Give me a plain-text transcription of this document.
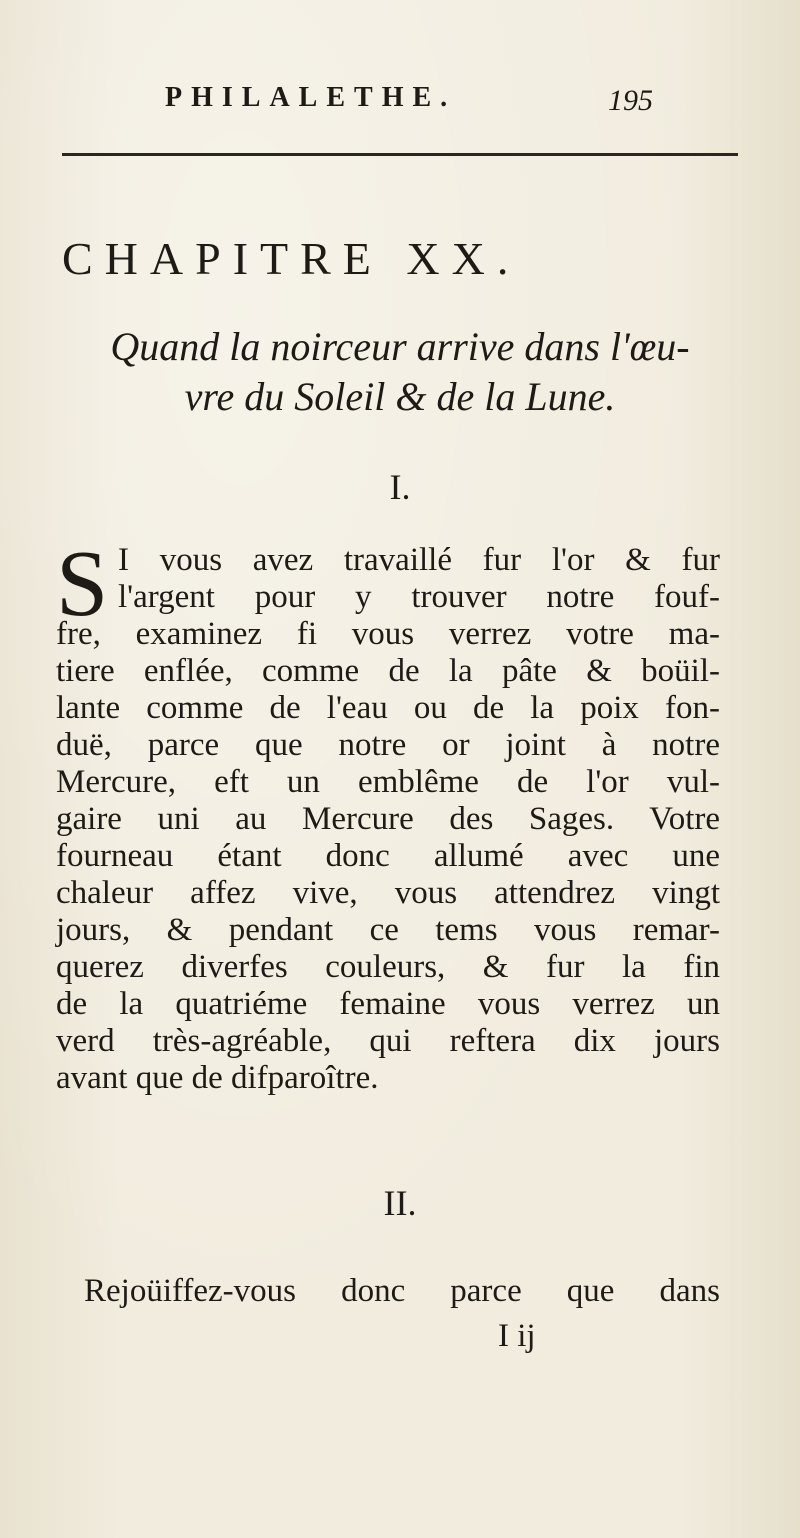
PHILALETHE.	195
CHAPITRE XX.
Quand la noirceur arrive dans l'œu-
vre du Soleil & de la Lune.
I.
S I vous avez travaillé fur l'or & fur
l'argent pour y trouver notre fouf-
fre, examinez fi vous verrez votre ma-
tiere enflée, comme de la pâte & boüil-
lante comme de l'eau ou de la poix fon-
duë, parce que notre or joint à notre
Mercure, eft un emblême de l'or vul-
gaire uni au Mercure des Sages. Votre
fourneau étant donc allumé avec une
chaleur affez vive, vous attendrez vingt
jours, & pendant ce tems vous remar-
querez diverfes couleurs, & fur la fin
de la quatriéme femaine vous verrez un
verd très-agréable, qui reftera dix jours
avant que de difparoître.
II.
Rejoüiffez-vous donc parce que dans
I ij
